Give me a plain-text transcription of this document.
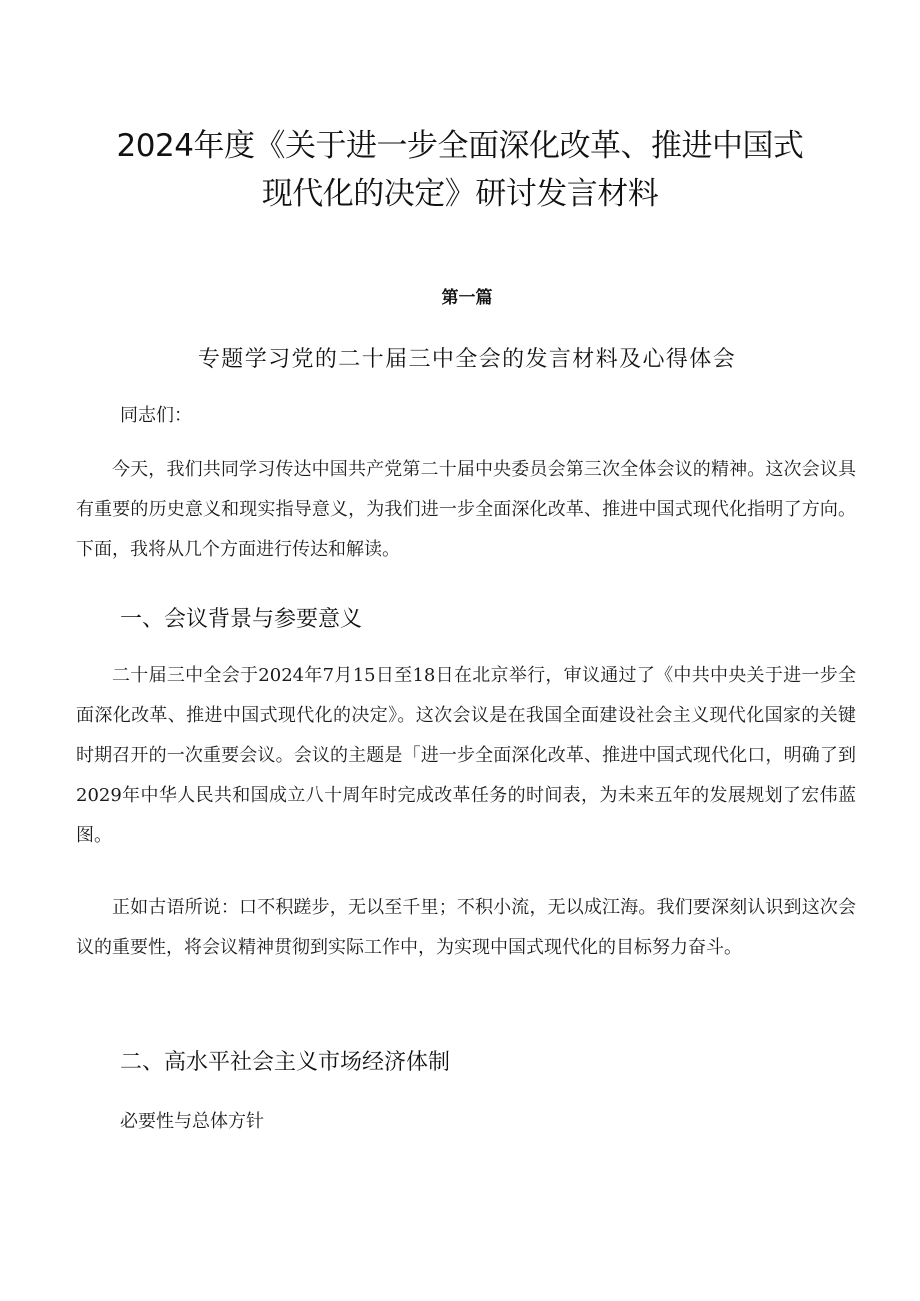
2024年度《关于进一步全面深化改革、推进中国式现代化的决定》研讨发言材料
第一篇
专题学习党的二十届三中全会的发言材料及心得体会
同志们：

今天，我们共同学习传达中国共产党第二十届中央委员会第三次全体会议的精神。这次会议具有重要的历史意义和现实指导意义，为我们进一步全面深化改革、推进中国式现代化指明了方向。下面，我将从几个方面进行传达和解读。

一、会议背景与参要意义

二十届三中全会于2024年7月15日至18日在北京举行，审议通过了《中共中央关于进一步全面深化改革、推进中国式现代化的决定》。这次会议是在我国全面建设社会主义现代化国家的关键时期召开的一次重要会议。会议的主题是「进一步全面深化改革、推进中国式现代化口，明确了到2029年中华人民共和国成立八十周年时完成改革任务的时间表，为未来五年的发展规划了宏伟蓝图。

正如古语所说：口不积蹉步，无以至千里；不积小流，无以成江海。我们要深刻认识到这次会议的重要性，将会议精神贯彻到实际工作中，为实现中国式现代化的目标努力奋斗。

二、高水平社会主义市场经济体制
必要性与总体方针
